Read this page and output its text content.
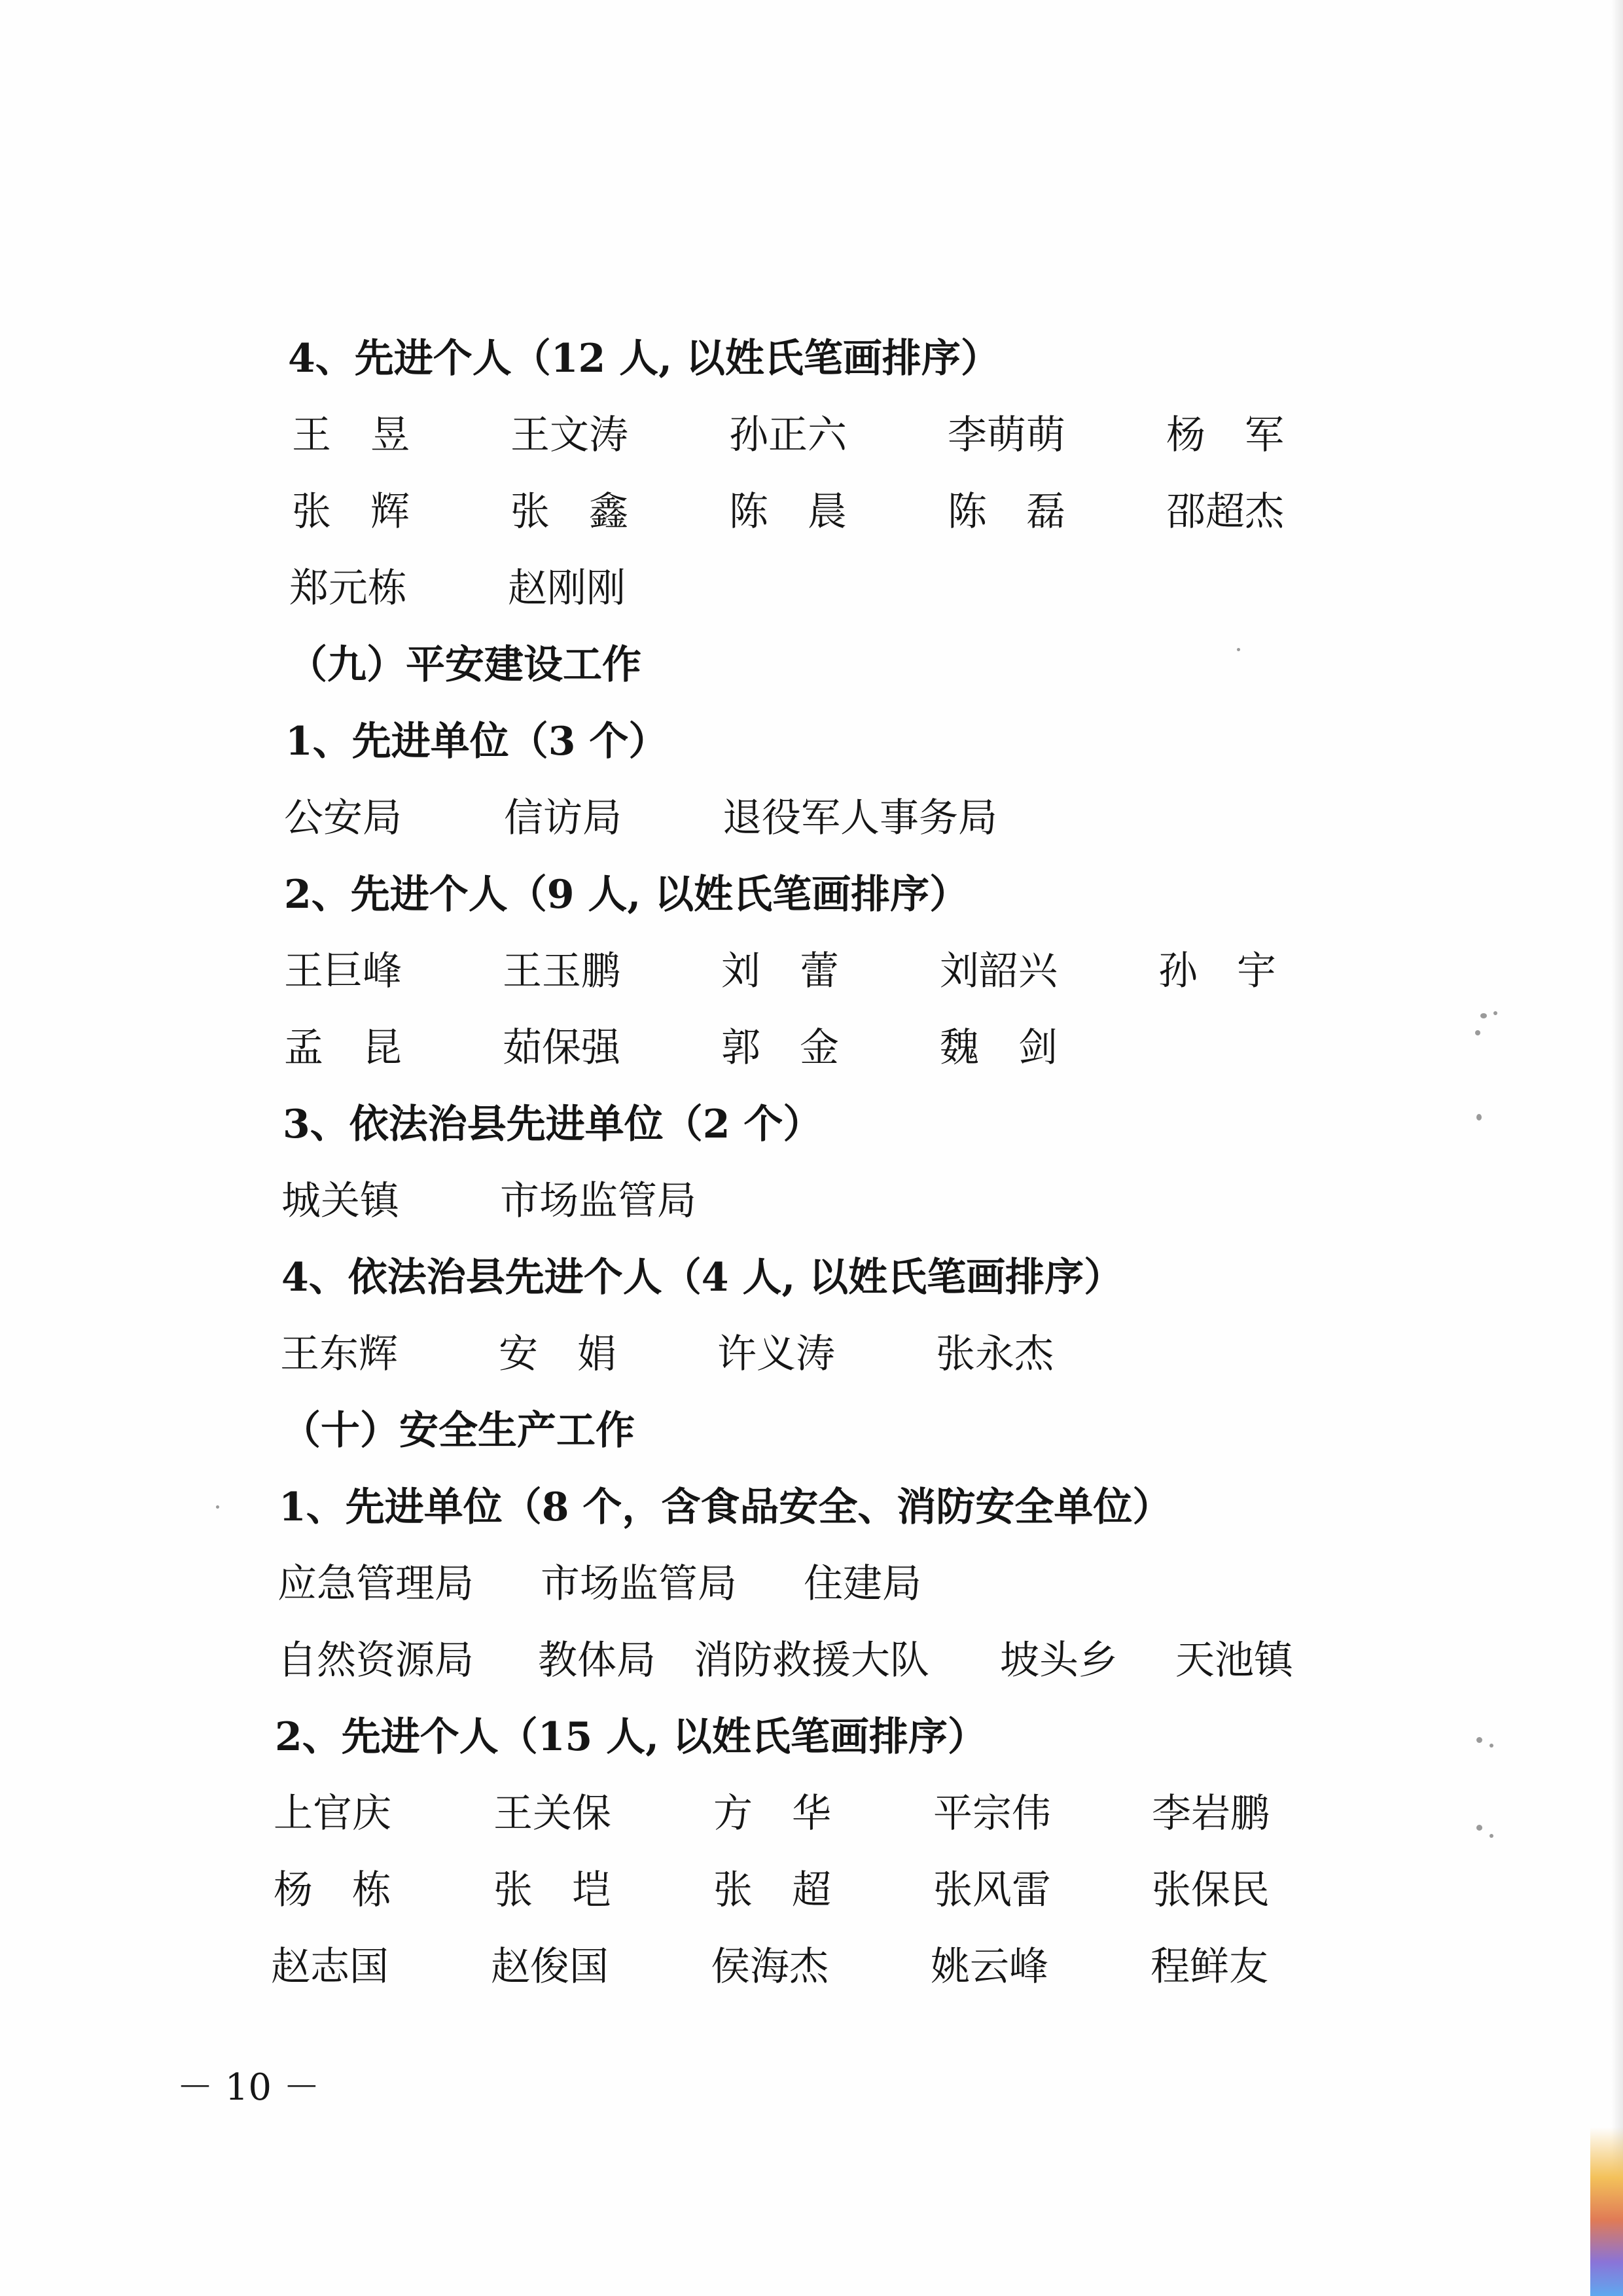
4、先进个人（12 人, 以姓氏笔画排序）
王　昱	王文涛	孙正六	李萌萌	杨　军
张　辉	张　鑫	陈　晨	陈　磊	邵超杰
郑元栋	赵刚刚
（九）平安建设工作
1、先进单位（3 个）
公安局	信访局	退役军人事务局
2、先进个人（9 人, 以姓氏笔画排序）
王巨峰	王玉鹏	刘　蕾	刘韶兴	孙　宇
孟　昆	茹保强	郭　金	魏　剑
3、依法治县先进单位（2 个）
城关镇	市场监管局
4、依法治县先进个人（4 人, 以姓氏笔画排序）
王东辉	安　娟	许义涛	张永杰
（十）安全生产工作
1、先进单位（8 个，含食品安全、消防安全单位）
应急管理局 市场监管局 住建局
自然资源局 教体局 消防救援大队 坡头乡 天池镇
2、先进个人（15 人, 以姓氏笔画排序）
上官庆	王关保	方　华	平宗伟	李岩鹏
杨　栋	张　垲	张　超	张风雷	张保民
赵志国	赵俊国	侯海杰	姚云峰	程鲜友
－ 10 －
